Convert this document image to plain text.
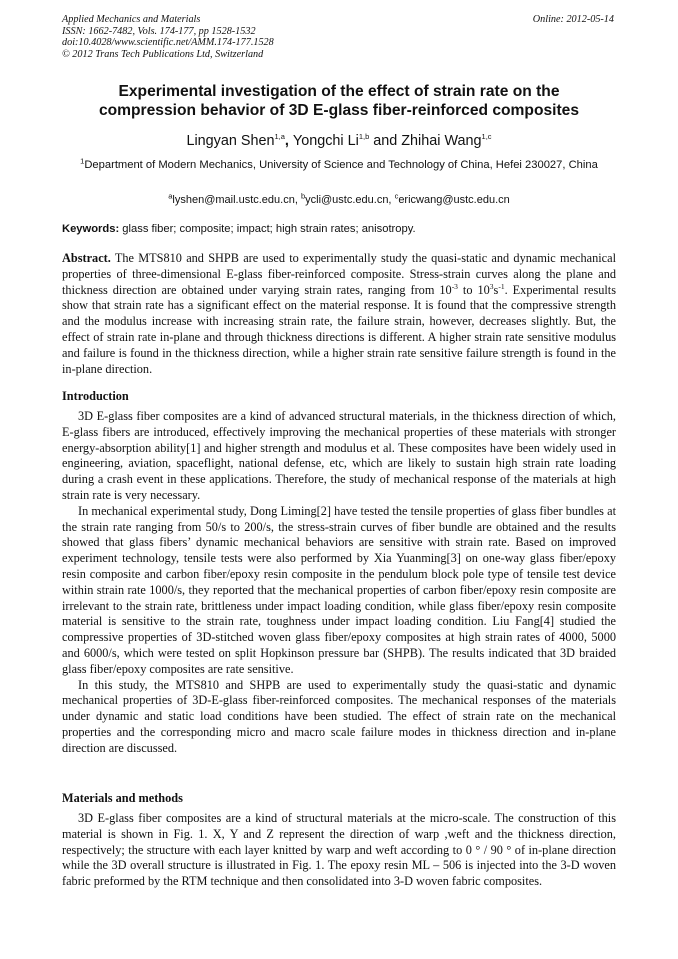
Applied Mechanics and Materials
ISSN: 1662-7482, Vols. 174-177, pp 1528-1532
doi:10.4028/www.scientific.net/AMM.174-177.1528
© 2012 Trans Tech Publications Ltd, Switzerland
Online: 2012-05-14
Experimental investigation of the effect of strain rate on the
compression behavior of 3D E-glass fiber-reinforced composites
Lingyan Shen$^{1,a}$, Yongchi Li$^{1,b}$ and Zhihai Wang$^{1,c}$
$^1$Department of Modern Mechanics, University of Science and Technology of China, Hefei 230027, China
$^a$lyshen@mail.ustc.edu.cn, $^b$ycli@ustc.edu.cn, $^c$ericwang@ustc.edu.cn
Keywords: glass fiber; composite; impact; high strain rates; anisotropy.

Abstract. The MTS810 and SHPB are used to experimentally study the quasi-static and dynamic mechanical properties of three-dimensional E-glass fiber-reinforced composite. Stress-strain curves along the plane and thickness direction are obtained under varying strain rates, ranging from $10^{-3}$ to $10^3s^{-1}$. Experimental results show that strain rate has a significant effect on the material response. It is found that the compressive strength and the modulus increase with increasing strain rate, the failure strain, however, decreases slightly. But, the effect of strain rate in-plane and through thickness directions is different. A higher strain rate sensitive modulus and failure is found in the thickness direction, while a higher strain rate sensitive failure strength is found in the in-plane direction.

Introduction

3D E-glass fiber composites are a kind of advanced structural materials, in the thickness direction of which, E-glass fibers are introduced, effectively improving the mechanical properties of these materials with stronger energy-absorption ability[1] and higher strength and modulus et al. These composites have been widely used in engineering, aviation, spaceflight, national defense, etc, which are likely to sustain high strain rate loading during a crash event in these applications. Therefore, the study of mechanical response of the materials at high strain rate is very necessary.

In mechanical experimental study, Dong Liming[2] have tested the tensile properties of glass fiber bundles at the strain rate ranging from 50/s to 200/s, the stress-strain curves of fiber bundle are obtained and the results showed that glass fibers’ dynamic mechanical behaviors are sensitive with strain rate. Based on improved experiment technology, tensile tests were also performed by Xia Yuanming[3] on one-way glass fiber/epoxy resin composite and carbon fiber/epoxy resin composite in the pendulum block pole type of tensile test device within strain rate 1000/s, they reported that the mechanical properties of carbon fiber/epoxy resin composite are irrelevant to the strain rate, brittleness under impact loading condition, while glass fiber/epoxy resin composite material is sensitive to the strain rate, toughness under impact loading condition. Liu Fang[4] studied the compressive properties of 3D-stitched woven glass fiber/epoxy composites at high strain rates of 4000, 5000 and 6000/s, which were tested on split Hopkinson pressure bar (SHPB). The results indicated that 3D braided glass fiber/epoxy composites are rate sensitive.

In this study, the MTS810 and SHPB are used to experimentally study the quasi-static and dynamic mechanical properties of 3D-E-glass fiber-reinforced composites. The mechanical responses of the materials under dynamic and static load conditions have been studied. The effect of strain rate on the mechanical properties and the corresponding micro and macro scale failure modes in thickness direction and in-plane direction are discussed.

Materials and methods

3D E-glass fiber composites are a kind of structural materials at the micro-scale. The construction of this material is shown in Fig. 1. X, Y and Z represent the direction of warp ,weft and the thickness direction, respectively; the structure with each layer knitted by warp and weft according to 0 ° / 90 ° of in-plane direction while the 3D overall structure is illustrated in Fig. 1. The epoxy resin ML – 506 is injected into the 3-D woven fabric preformed by the RTM technique and then consolidated into 3-D woven fabric composites.
